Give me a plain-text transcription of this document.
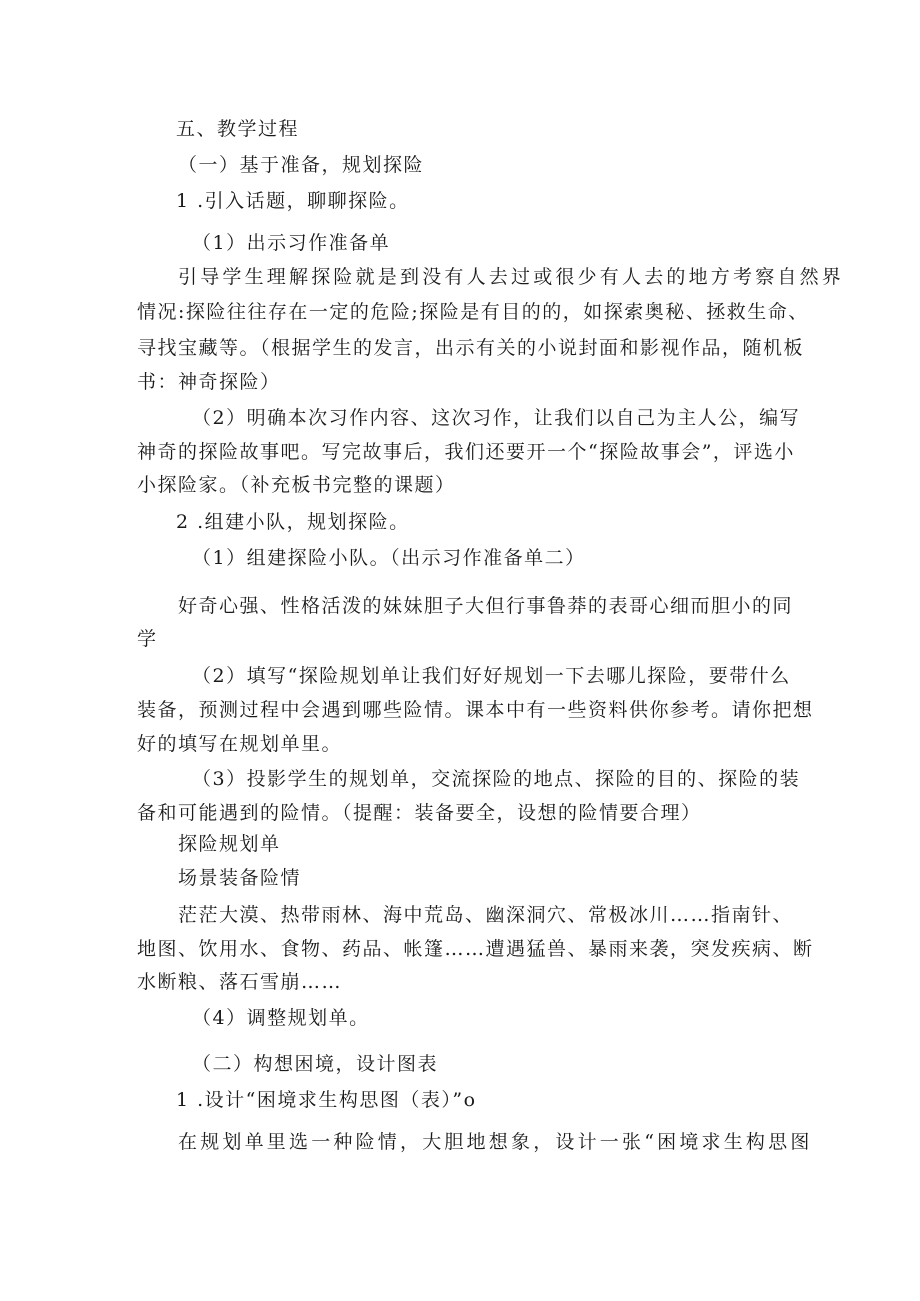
五、教学过程
（一）基于准备，规划探险
1 .引入话题，聊聊探险。
（1）出示习作准备单
引导学生理解探险就是到没有人去过或很少有人去的地方考察自然界
情况:探险往往存在一定的危险;探险是有目的的，如探索奥秘、拯救生命、
寻找宝藏等。（根据学生的发言，出示有关的小说封面和影视作品，随机板
书：神奇探险）
（2）明确本次习作内容、这次习作，让我们以自己为主人公，编写
神奇的探险故事吧。写完故事后，我们还要开一个“探险故事会”，评选小
小探险家。（补充板书完整的课题）
2 .组建小队，规划探险。
（1）组建探险小队。（出示习作准备单二）
好奇心强、性格活泼的妹妹胆子大但行事鲁莽的表哥心细而胆小的同
学
（2）填写“探险规划单让我们好好规划一下去哪儿探险，要带什么
装备，预测过程中会遇到哪些险情。课本中有一些资料供你参考。请你把想
好的填写在规划单里。
（3）投影学生的规划单，交流探险的地点、探险的目的、探险的装
备和可能遇到的险情。（提醒：装备要全，设想的险情要合理）
探险规划单
场景装备险情
茫茫大漠、热带雨林、海中荒岛、幽深洞穴、常极冰川……指南针、
地图、饮用水、食物、药品、帐篷……遭遇猛兽、暴雨来袭，突发疾病、断
水断粮、落石雪崩……
（4）调整规划单。
（二）构想困境，设计图表
1 .设计“困境求生构思图（表）”o
在规划单里选一种险情，大胆地想象，设计一张“困境求生构思图
